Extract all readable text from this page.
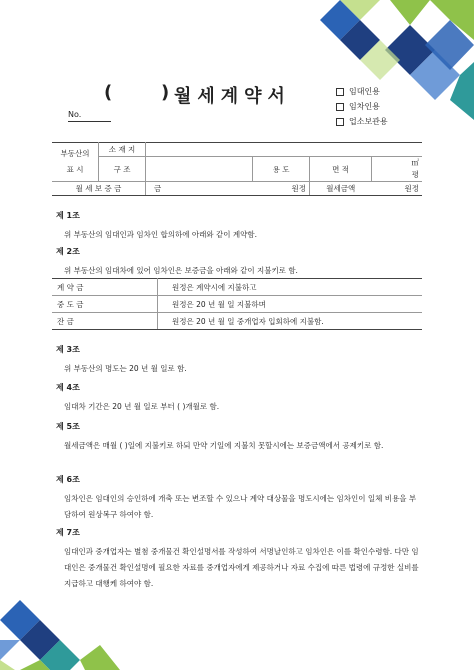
(	) 월세계약서
No.
임대인용
임차인용
업소보관용
부동산의
표 시	소 재 지				
	구 조		용 도	면 적	㎡
평

월 세 보 증 금		금	원정	월세금액	원정
제 1조
위 부동산의 임대인과 임차인 합의하에 아래와 같이 계약함.
제 2조
위 부동산의 임대차에 있어 임차인은 보증금을 아래와 같이 지불키로 함.
계 약 금	원정은 계약시에 지불하고
중 도 금	원정은 20 년 월 일 지불하며
잔 금	원정은 20 년 월 일 중개업자 입회하에 지불함.
제 3조
위 부동산의 명도는 20 년 월 일로 함.
제 4조
임대차 기간은 20 년 월 일로 부터 ( )개월로 함.
제 5조
월세금액은 매월 ( )일에 지불키로 하되 만약 기일에 지불치 못할시에는 보증금액에서 공제키로 함.
제 6조
임차인은 임대인의 승인하에 개축 또는 변조할 수 있으나 계약 대상물을 명도시에는 임차인이 일체 비용을 부담하여 원상복구 하여야 함.
제 7조
임대인과 중개업자는 별첨 중개물건 확인설명서를 작성하여 서명날인하고 임차인은 이를 확인수령함. 다만 임대인은 중개물건 확인설명에 필요한 자료를 중개업자에게 제공하거나 자료 수집에 따른 법령에 규정한 실비를 지급하고 대행케 하여야 함.
